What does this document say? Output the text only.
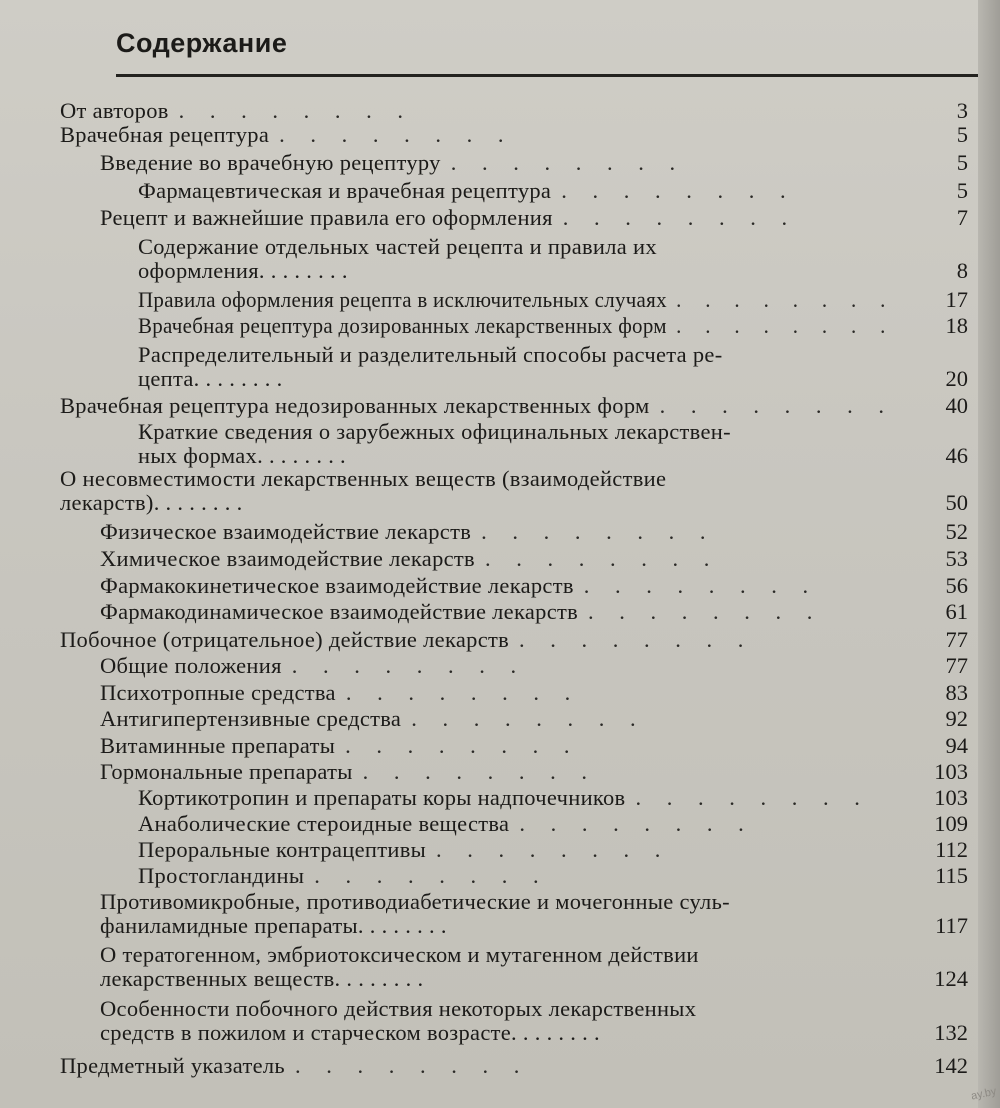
Содержание
От авторов . . . . . . . .	3
Врачебная рецептура . . . . . . . .	5
Введение во врачебную рецептуру . . . . . . . .	5
Фармацевтическая и врачебная рецептура . . . . . . . .	5
Рецепт и важнейшие правила его оформления . . . . . . . .	7
Содержание отдельных частей рецепта и правила их
оформления. . . . . . . .	8
Правила оформления рецепта в исключительных случаях . . . . . . . . 17
Врачебная рецептура дозированных лекарственных форм . . . . . . . . 18
Распределительный и разделительный способы расчета ре-
цепта. . . . . . . .	20
Врачебная рецептура недозированных лекарственных форм . . . . . . . . 40
Краткие сведения о зарубежных официнальных лекарствен-
ных формах. . . . . . . .	46
О несовместимости лекарственных веществ (взаимодействие
лекарств). . . . . . . .	50
Физическое взаимодействие лекарств . . . . . . . .	52
Химическое взаимодействие лекарств . . . . . . . .	53
Фармакокинетическое взаимодействие лекарств . . . . . . . .	56
Фармакодинамическое взаимодействие лекарств . . . . . . . .	61
Побочное (отрицательное) действие лекарств . . . . . . . .	77
Общие положения . . . . . . . .	77
Психотропные средства . . . . . . . .	83
Антигипертензивные средства . . . . . . . .	92
Витаминные препараты . . . . . . . .	94
Гормональные препараты . . . . . . . .	103
Кортикотропин и препараты коры надпочечников . . . . . . . .	103
Анаболические стероидные вещества . . . . . . . .	109
Пероральные контрацептивы . . . . . . . .	112
Простогландины . . . . . . . .	115
Противомикробные, противодиабетические и мочегонные суль-
фаниламидные препараты. . . . . . . .	117
О тератогенном, эмбриотоксическом и мутагенном действии
лекарственных веществ. . . . . . . .	124
Особенности побочного действия некоторых лекарственных
средств в пожилом и старческом возрасте. . . . . . . .	132
Предметный указатель . . . . . . . .	142
ay.by
